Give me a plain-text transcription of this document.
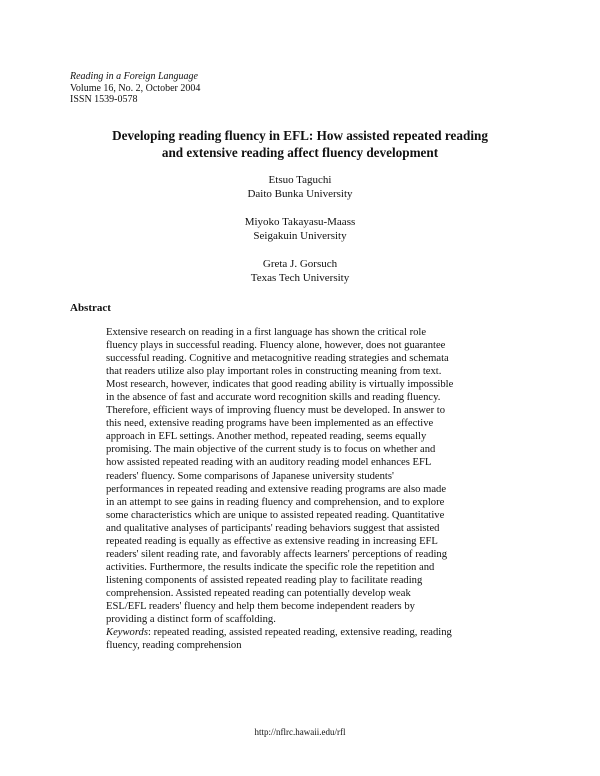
Reading in a Foreign Language
Volume 16, No. 2, October 2004
ISSN 1539-0578
Developing reading fluency in EFL: How assisted repeated reading
and extensive reading affect fluency development
Etsuo Taguchi
Daito Bunka University
Miyoko Takayasu-Maass
Seigakuin University
Greta J. Gorsuch
Texas Tech University
Abstract
Extensive research on reading in a first language has shown the critical role
fluency plays in successful reading. Fluency alone, however, does not guarantee
successful reading. Cognitive and metacognitive reading strategies and schemata
that readers utilize also play important roles in constructing meaning from text.
Most research, however, indicates that good reading ability is virtually impossible
in the absence of fast and accurate word recognition skills and reading fluency.
Therefore, efficient ways of improving fluency must be developed. In answer to
this need, extensive reading programs have been implemented as an effective
approach in EFL settings. Another method, repeated reading, seems equally
promising. The main objective of the current study is to focus on whether and
how assisted repeated reading with an auditory reading model enhances EFL
readers' fluency. Some comparisons of Japanese university students'
performances in repeated reading and extensive reading programs are also made
in an attempt to see gains in reading fluency and comprehension, and to explore
some characteristics which are unique to assisted repeated reading. Quantitative
and qualitative analyses of participants' reading behaviors suggest that assisted
repeated reading is equally as effective as extensive reading in increasing EFL
readers' silent reading rate, and favorably affects learners' perceptions of reading
activities. Furthermore, the results indicate the specific role the repetition and
listening components of assisted repeated reading play to facilitate reading
comprehension. Assisted repeated reading can potentially develop weak
ESL/EFL readers' fluency and help them become independent readers by
providing a distinct form of scaffolding.
Keywords: repeated reading, assisted repeated reading, extensive reading, reading
fluency, reading comprehension
http://nflrc.hawaii.edu/rfl
